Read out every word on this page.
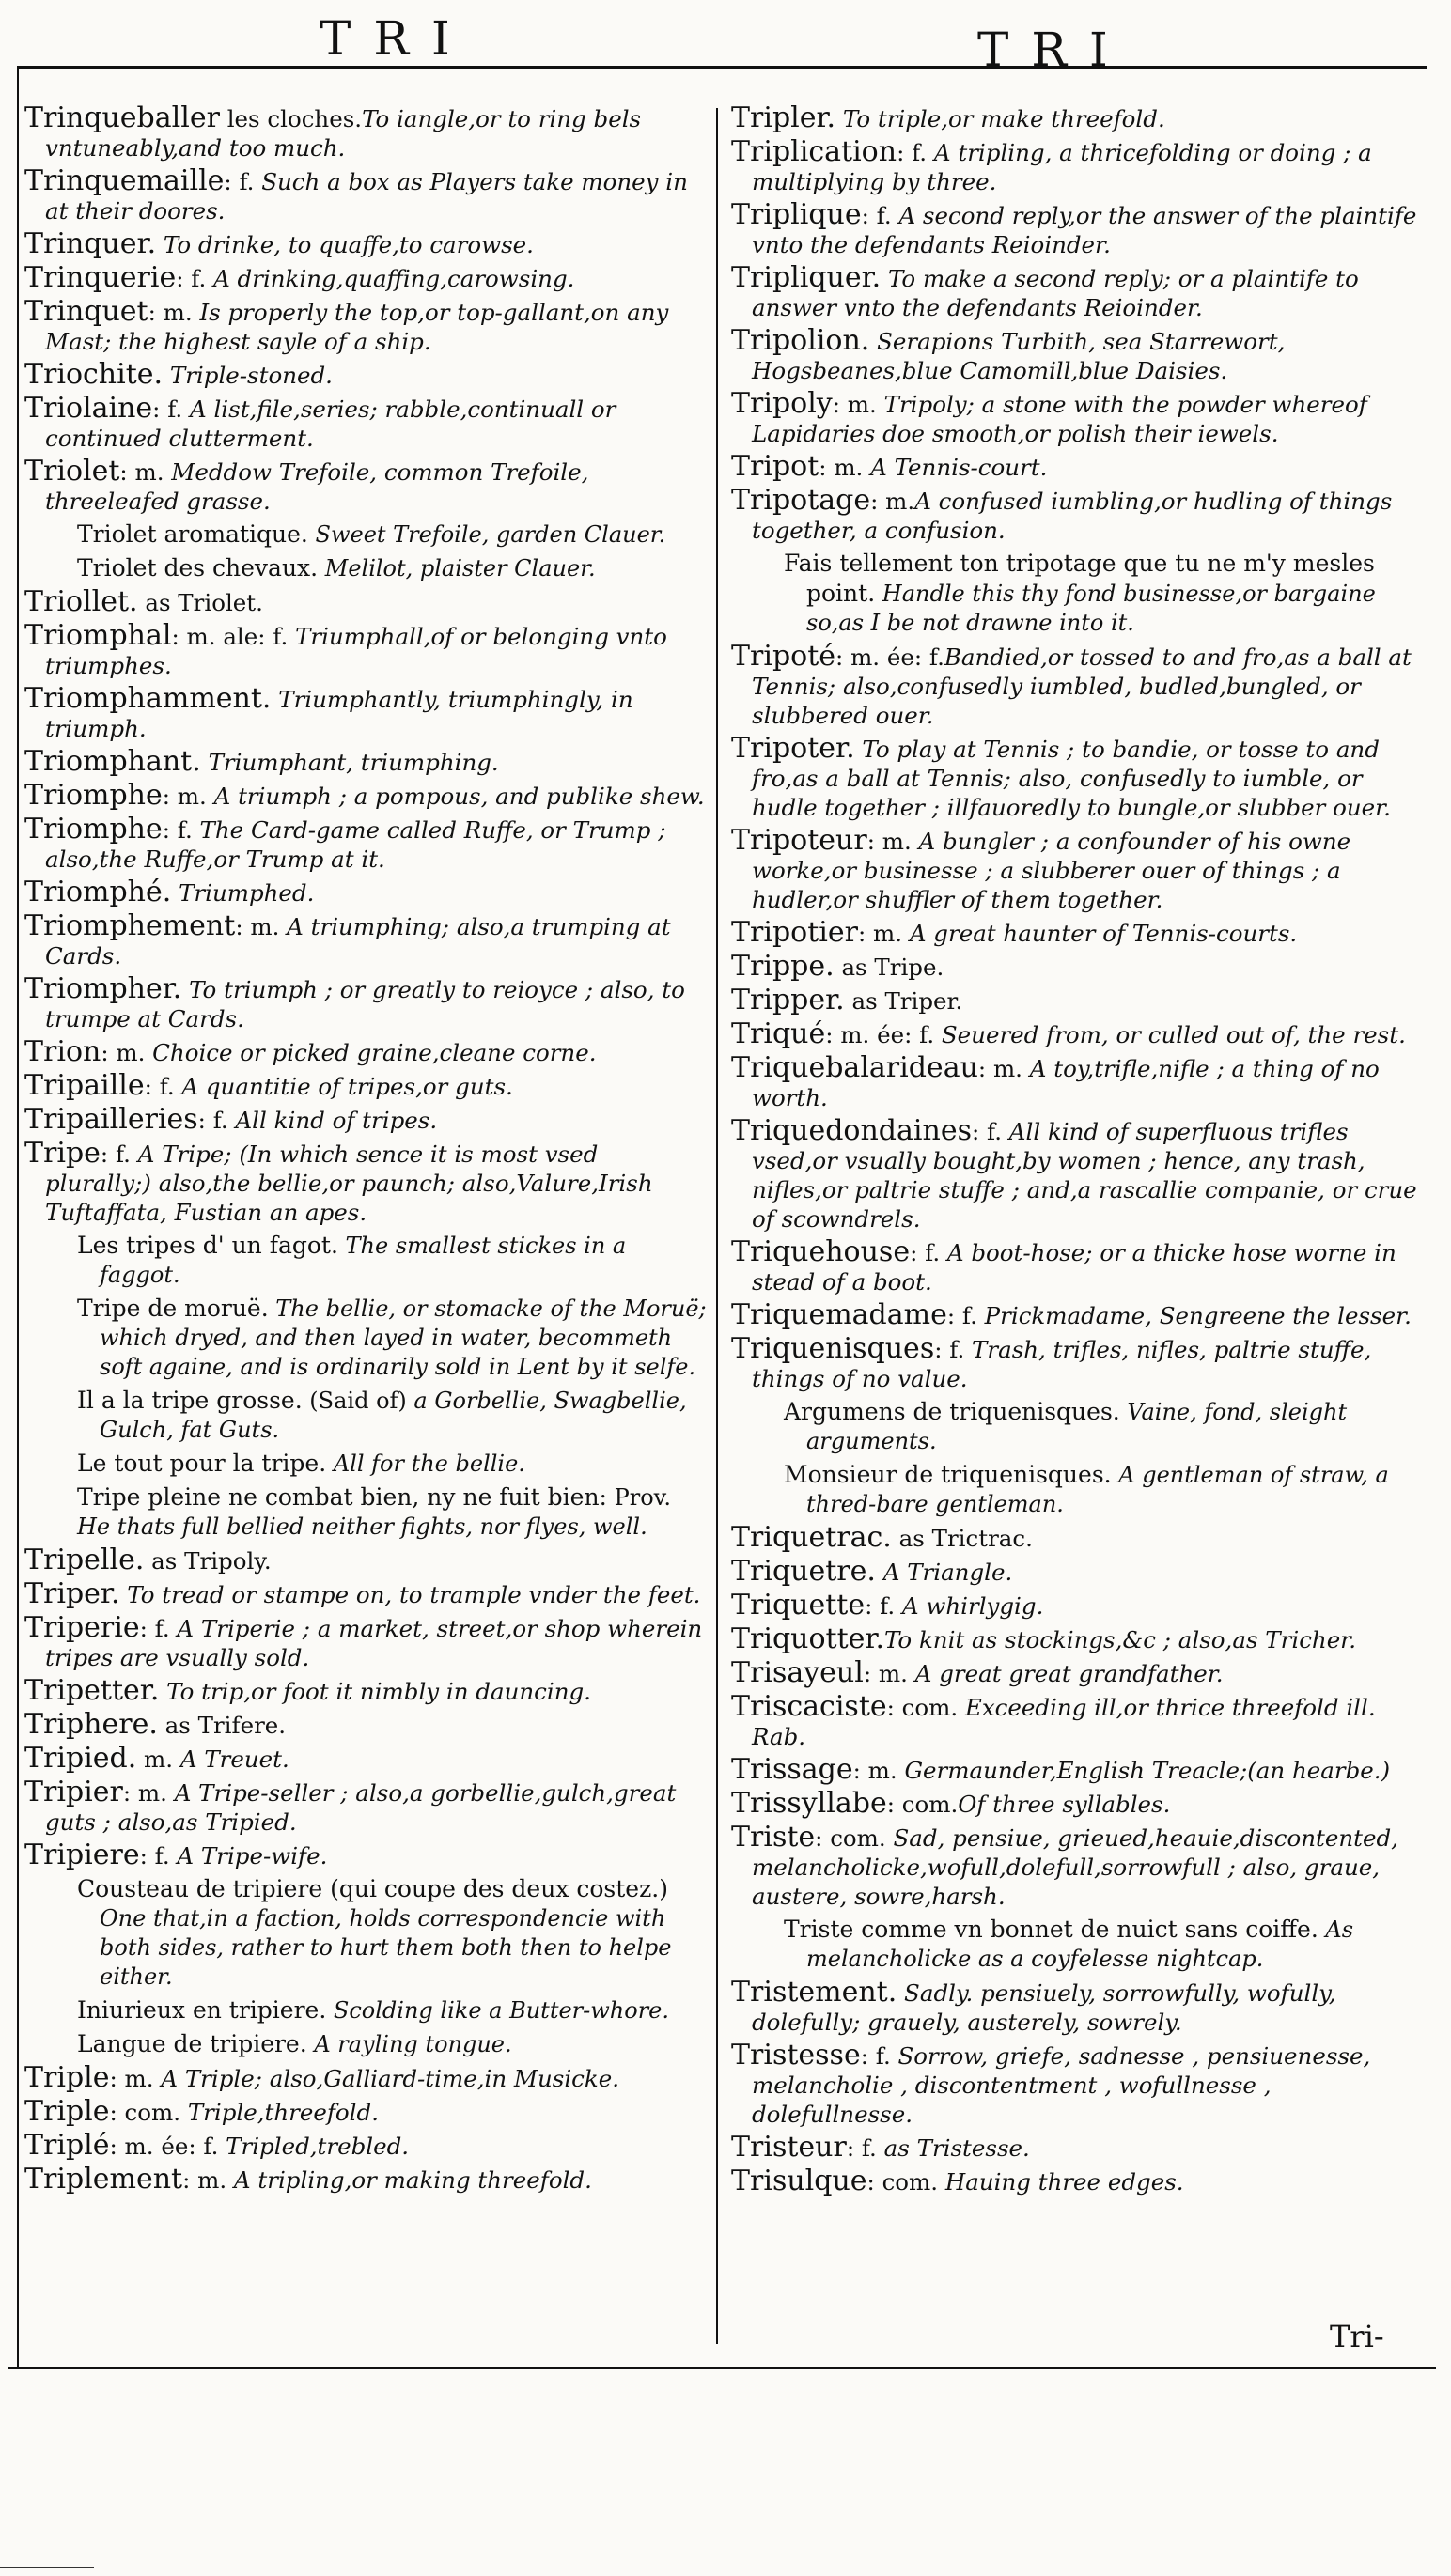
TRI	TRI
Trinqueballer les cloches.To iangle,or to ring bels vntuneably,and too much.
Trinquemaille: f. Such a box as Players take money in at their doores.
Trinquer. To drinke, to quaffe,to carowse.
Trinquerie: f. A drinking,quaffing,carowsing.
Trinquet: m. Is properly the top,or top-gallant,on any Mast; the highest sayle of a ship.
Triochite. Triple-stoned.
Triolaine: f. A list,file,series; rabble,continuall or continued clutterment.
Triolet: m. Meddow Trefoile, common Trefoile, threeleafed grasse.
Triolet aromatique. Sweet Trefoile, garden Clauer.
Triolet des chevaux. Melilot, plaister Clauer.
Triollet. as Triolet.
Triomphal: m. ale: f. Triumphall,of or belonging vnto triumphes.
Triomphamment. Triumphantly, triumphingly, in triumph.
Triomphant. Triumphant, triumphing.
Triomphe: m. A triumph ; a pompous, and publike shew.
Triomphe: f. The Card-game called Ruffe, or Trump ; also,the Ruffe,or Trump at it.
Triomphé. Triumphed.
Triomphement: m. A triumphing; also,a trumping at Cards.
Triompher. To triumph ; or greatly to reioyce ; also, to trumpe at Cards.
Trion: m. Choice or picked graine,cleane corne.
Tripaille: f. A quantitie of tripes,or guts.
Tripailleries: f. All kind of tripes.
Tripe: f. A Tripe; (In which sence it is most vsed plurally;) also,the bellie,or paunch; also,Valure,Irish Tuftaffata, Fustian an apes.
Les tripes d' un fagot. The smallest stickes in a faggot.
Tripe de moruë. The bellie, or stomacke of the Moruë; which dryed, and then layed in water, becommeth soft againe, and is ordinarily sold in Lent by it selfe.
Il a la tripe grosse. (Said of) a Gorbellie, Swagbellie, Gulch, fat Guts.
Le tout pour la tripe. All for the bellie.
Tripe pleine ne combat bien, ny ne fuit bien: Prov. He thats full bellied neither fights, nor flyes, well.
Tripelle. as Tripoly.
Triper. To tread or stampe on, to trample vnder the feet.
Triperie: f. A Triperie ; a market, street,or shop wherein tripes are vsually sold.
Tripetter. To trip,or foot it nimbly in dauncing.
Triphere. as Trifere.
Tripied. m. A Treuet.
Tripier: m. A Tripe-seller ; also,a gorbellie,gulch,great guts ; also,as Tripied.
Tripiere: f. A Tripe-wife.
Cousteau de tripiere (qui coupe des deux costez.) One that,in a faction, holds correspondencie with both sides, rather to hurt them both then to helpe either.
Iniurieux en tripiere. Scolding like a Butter-whore.
Langue de tripiere. A rayling tongue.
Triple: m. A Triple; also,Galliard-time,in Musicke.
Triple: com. Triple,threefold.
Triplé: m. ée: f. Tripled,trebled.
Triplement: m. A tripling,or making threefold.
Tripler. To triple,or make threefold.
Triplication: f. A tripling, a thricefolding or doing ; a multiplying by three.
Triplique: f. A second reply,or the answer of the plaintife vnto the defendants Reioinder.
Tripliquer. To make a second reply; or a plaintife to answer vnto the defendants Reioinder.
Tripolion. Serapions Turbith, sea Starrewort, Hogsbeanes,blue Camomill,blue Daisies.
Tripoly: m. Tripoly; a stone with the powder whereof Lapidaries doe smooth,or polish their iewels.
Tripot: m. A Tennis-court.
Tripotage: m.A confused iumbling,or hudling of things together, a confusion.
Fais tellement ton tripotage que tu ne m'y mesles point. Handle this thy fond businesse,or bargaine so,as I be not drawne into it.
Tripoté: m. ée: f.Bandied,or tossed to and fro,as a ball at Tennis; also,confusedly iumbled, budled,bungled, or slubbered ouer.
Tripoter. To play at Tennis ; to bandie, or tosse to and fro,as a ball at Tennis; also, confusedly to iumble, or hudle together ; illfauoredly to bungle,or slubber ouer.
Tripoteur: m. A bungler ; a confounder of his owne worke,or businesse ; a slubberer ouer of things ; a hudler,or shuffler of them together.
Tripotier: m. A great haunter of Tennis-courts.
Trippe. as Tripe.
Tripper. as Triper.
Triqué: m. ée: f. Seuered from, or culled out of, the rest.
Triquebalarideau: m. A toy,trifle,nifle ; a thing of no worth.
Triquedondaines: f. All kind of superfluous trifles vsed,or vsually bought,by women ; hence, any trash, nifles,or paltrie stuffe ; and,a rascallie companie, or crue of scowndrels.
Triquehouse: f. A boot-hose; or a thicke hose worne in stead of a boot.
Triquemadame: f. Prickmadame, Sengreene the lesser.
Triquenisques: f. Trash, trifles, nifles, paltrie stuffe, things of no value.
Argumens de triquenisques. Vaine, fond, sleight arguments.
Monsieur de triquenisques. A gentleman of straw, a thred-bare gentleman.
Triquetrac. as Trictrac.
Triquetre. A Triangle.
Triquette: f. A whirlygig.
Triquotter.To knit as stockings,&c ; also,as Tricher.
Trisayeul: m. A great great grandfather.
Triscaciste: com. Exceeding ill,or thrice threefold ill. Rab.
Trissage: m. Germaunder,English Treacle;(an hearbe.)
Trissyllabe: com.Of three syllables.
Triste: com. Sad, pensiue, grieued,heauie,discontented, melancholicke,wofull,dolefull,sorrowfull ; also, graue, austere, sowre,harsh.
Triste comme vn bonnet de nuict sans coiffe. As melancholicke as a coyfelesse nightcap.
Tristement. Sadly. pensiuely, sorrowfully, wofully, dolefully; grauely, austerely, sowrely.
Tristesse: f. Sorrow, griefe, sadnesse , pensiuenesse, melancholie , discontentment , wofullnesse , dolefullnesse.
Tristeur: f. as Tristesse.
Trisulque: com. Hauing three edges.
Tri-
